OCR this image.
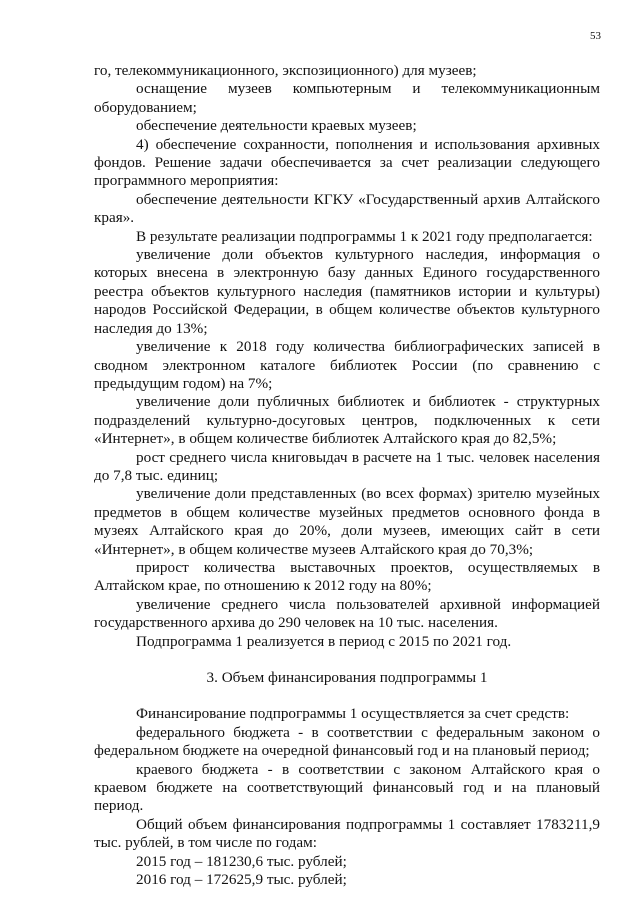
53

го, телекоммуникационного, экспозиционного) для музеев;

оснащение музеев компьютерным и телекоммуникационным оборудованием;

обеспечение деятельности краевых музеев;

4) обеспечение сохранности, пополнения и использования архивных фондов. Решение задачи обеспечивается за счет реализации следующего программного мероприятия:

обеспечение деятельности КГКУ «Государственный архив Алтайского края».

В результате реализации подпрограммы 1 к 2021 году предполагается:

увеличение доли объектов культурного наследия, информация о которых внесена в электронную базу данных Единого государственного реестра объектов культурного наследия (памятников истории и культуры) народов Российской Федерации, в общем количестве объектов культурного наследия до 13%;

увеличение к 2018 году количества библиографических записей в сводном электронном каталоге библиотек России (по сравнению с предыдущим годом) на 7%;

увеличение доли публичных библиотек и библиотек - структурных подразделений культурно-досуговых центров, подключенных к сети «Интернет», в общем количестве библиотек Алтайского края до 82,5%;

рост среднего числа книговыдач в расчете на 1 тыс. человек населения до 7,8 тыс. единиц;

увеличение доли представленных (во всех формах) зрителю музейных предметов в общем количестве музейных предметов основного фонда в музеях Алтайского края до 20%, доли музеев, имеющих сайт в сети «Интернет», в общем количестве музеев Алтайского края до 70,3%;

прирост количества выставочных проектов, осуществляемых в Алтайском крае, по отношению к 2012 году на 80%;

увеличение среднего числа пользователей архивной информацией государственного архива до 290 человек на 10 тыс. населения.

Подпрограмма 1 реализуется в период с 2015 по 2021 год.

3. Объем финансирования подпрограммы 1

Финансирование подпрограммы 1 осуществляется за счет средств:

федерального бюджета - в соответствии с федеральным законом о федеральном бюджете на очередной финансовый год и на плановый период;

краевого бюджета - в соответствии с законом Алтайского края о краевом бюджете на соответствующий финансовый год и на плановый период.

Общий объем финансирования подпрограммы 1 составляет 1783211,9 тыс. рублей, в том числе по годам:

2015 год – 181230,6 тыс. рублей;

2016 год – 172625,9 тыс. рублей;
